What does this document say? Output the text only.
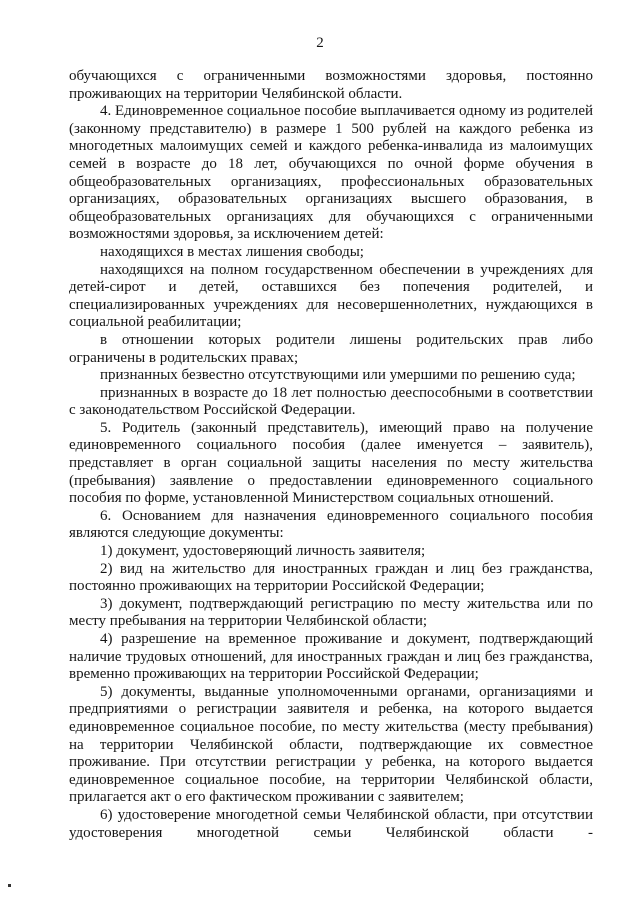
2

обучающихся с ограниченными возможностями здоровья, постоянно проживающих на территории Челябинской области.

4. Единовременное социальное пособие выплачивается одному из родителей (законному представителю) в размере 1 500 рублей на каждого ребенка из многодетных малоимущих семей и каждого ребенка-инвалида из малоимущих семей в возрасте до 18 лет, обучающихся по очной форме обучения в общеобразовательных организациях, профессиональных образовательных организациях, образовательных организациях высшего образования, в общеобразовательных организациях для обучающихся с ограниченными возможностями здоровья, за исключением детей:

находящихся в местах лишения свободы;

находящихся на полном государственном обеспечении в учреждениях для детей-сирот и детей, оставшихся без попечения родителей, и специализированных учреждениях для несовершеннолетних, нуждающихся в социальной реабилитации;

в отношении которых родители лишены родительских прав либо ограничены в родительских правах;

признанных безвестно отсутствующими или умершими по решению суда;

признанных в возрасте до 18 лет полностью дееспособными в соответствии с законодательством Российской Федерации.

5. Родитель (законный представитель), имеющий право на получение единовременного социального пособия (далее именуется – заявитель), представляет в орган социальной защиты населения по месту жительства (пребывания) заявление о предоставлении единовременного социального пособия по форме, установленной Министерством социальных отношений.

6. Основанием для назначения единовременного социального пособия являются следующие документы:

1) документ, удостоверяющий личность заявителя;

2) вид на жительство для иностранных граждан и лиц без гражданства, постоянно проживающих на территории Российской Федерации;

3) документ, подтверждающий регистрацию по месту жительства или по месту пребывания на территории Челябинской области;

4) разрешение на временное проживание и документ, подтверждающий наличие трудовых отношений, для иностранных граждан и лиц без гражданства, временно проживающих на территории Российской Федерации;

5) документы, выданные уполномоченными органами, организациями и предприятиями о регистрации заявителя и ребенка, на которого выдается единовременное социальное пособие, по месту жительства (месту пребывания) на территории Челябинской области, подтверждающие их совместное проживание. При отсутствии регистрации у ребенка, на которого выдается единовременное социальное пособие, на территории Челябинской области, прилагается акт о его фактическом проживании с заявителем;

6) удостоверение многодетной семьи Челябинской области, при отсутствии удостоверения многодетной семьи Челябинской области -
